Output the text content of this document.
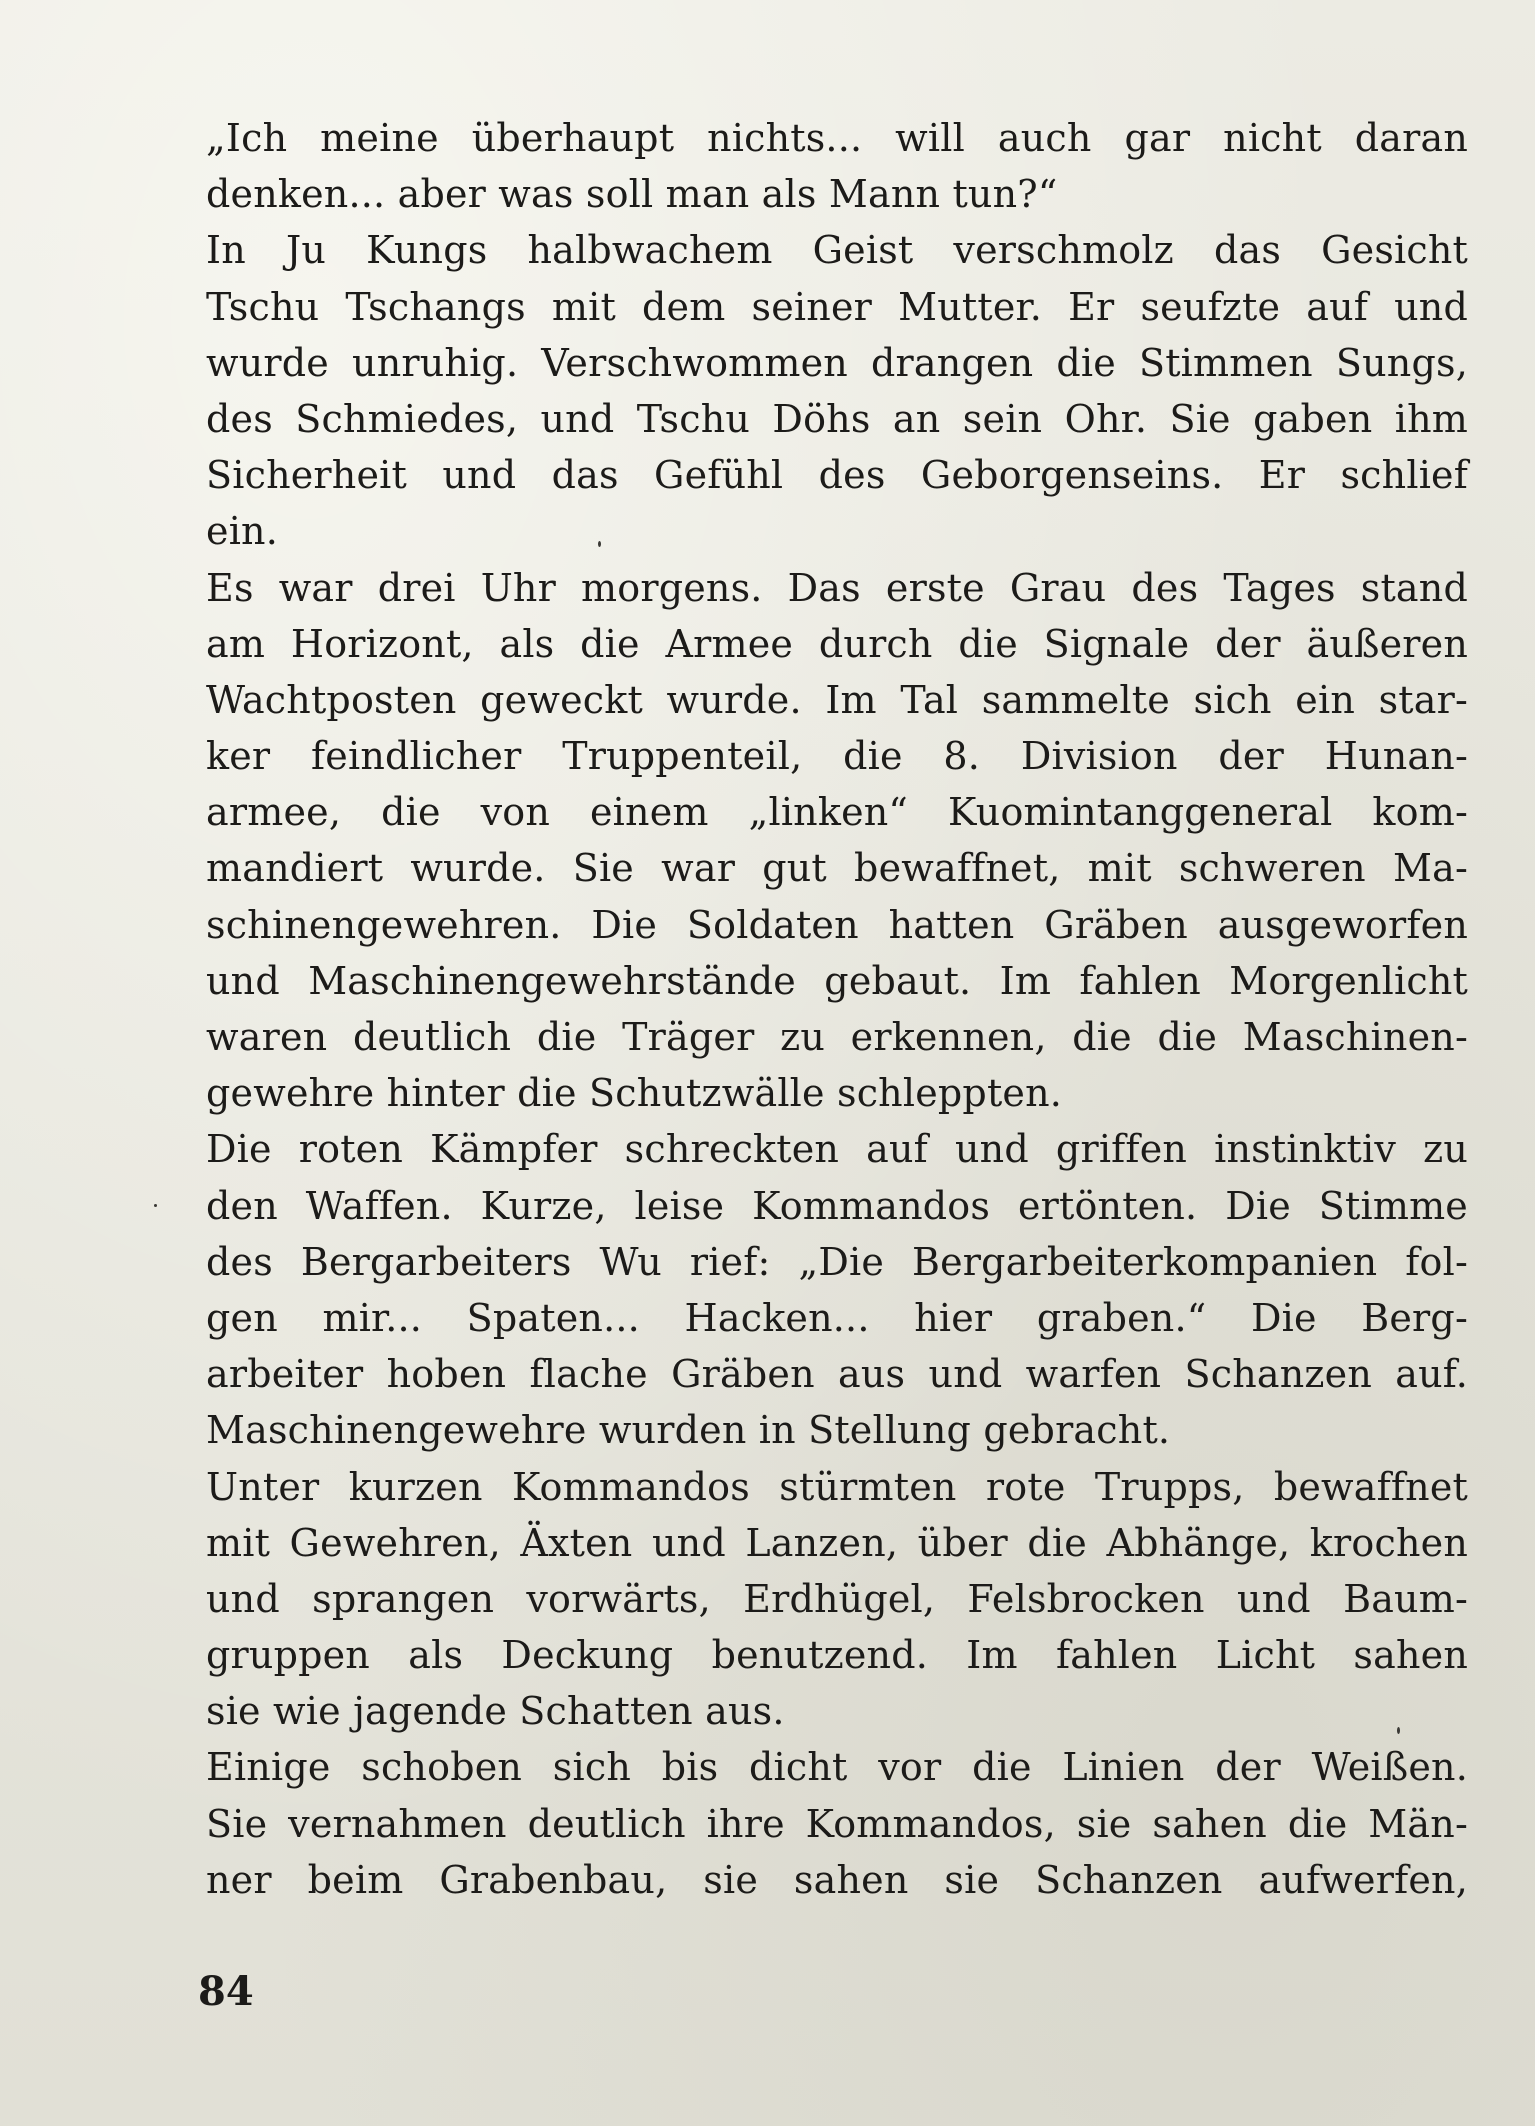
„Ich meine überhaupt nichts... will auch gar nicht daran
denken... aber was soll man als Mann tun?“
In Ju Kungs halbwachem Geist verschmolz das Gesicht
Tschu Tschangs mit dem seiner Mutter. Er seufzte auf und
wurde unruhig. Verschwommen drangen die Stimmen Sungs,
des Schmiedes, und Tschu Döhs an sein Ohr. Sie gaben ihm
Sicherheit und das Gefühl des Geborgenseins. Er schlief
ein.
Es war drei Uhr morgens. Das erste Grau des Tages stand
am Horizont, als die Armee durch die Signale der äußeren
Wachtposten geweckt wurde. Im Tal sammelte sich ein star-
ker feindlicher Truppenteil, die 8. Division der Hunan-
armee, die von einem „linken“ Kuomintanggeneral kom-
mandiert wurde. Sie war gut bewaffnet, mit schweren Ma-
schinengewehren. Die Soldaten hatten Gräben ausgeworfen
und Maschinengewehrstände gebaut. Im fahlen Morgenlicht
waren deutlich die Träger zu erkennen, die die Maschinen-
gewehre hinter die Schutzwälle schleppten.
Die roten Kämpfer schreckten auf und griffen instinktiv zu
den Waffen. Kurze, leise Kommandos ertönten. Die Stimme
des Bergarbeiters Wu rief: „Die Bergarbeiterkompanien fol-
gen mir... Spaten... Hacken... hier graben.“ Die Berg-
arbeiter hoben flache Gräben aus und warfen Schanzen auf.
Maschinengewehre wurden in Stellung gebracht.
Unter kurzen Kommandos stürmten rote Trupps, bewaffnet
mit Gewehren, Äxten und Lanzen, über die Abhänge, krochen
und sprangen vorwärts, Erdhügel, Felsbrocken und Baum-
gruppen als Deckung benutzend. Im fahlen Licht sahen
sie wie jagende Schatten aus.
Einige schoben sich bis dicht vor die Linien der Weißen.
Sie vernahmen deutlich ihre Kommandos, sie sahen die Män-
ner beim Grabenbau, sie sahen sie Schanzen aufwerfen,
84
